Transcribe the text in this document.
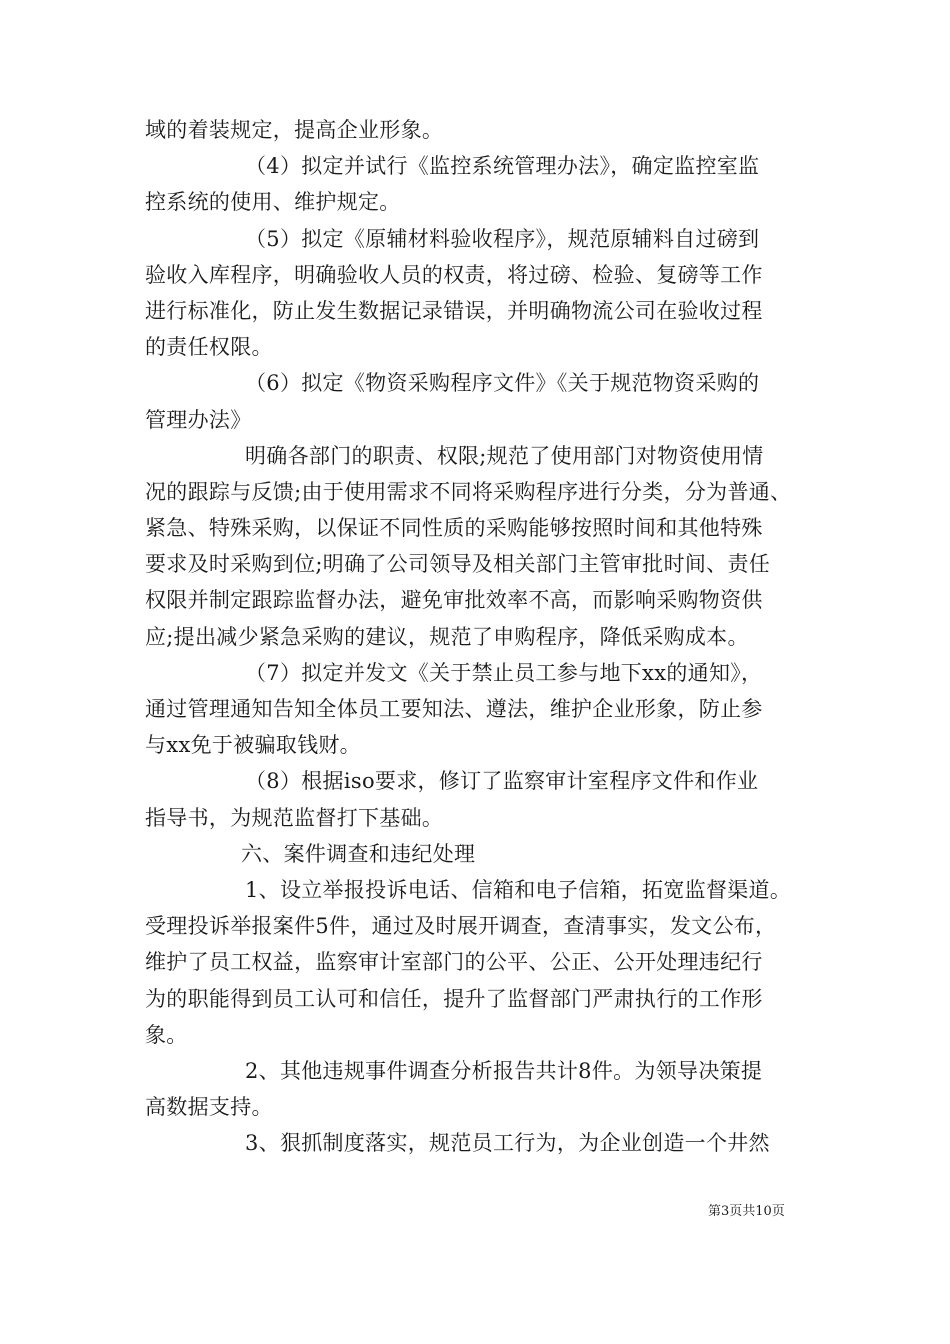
域的着装规定，提高企业形象。
（4）拟定并试行《监控系统管理办法》，确定监控室监
控系统的使用、维护规定。
（5）拟定《原辅材料验收程序》，规范原辅料自过磅到
验收入库程序，明确验收人员的权责，将过磅、检验、复磅等工作
进行标准化，防止发生数据记录错误，并明确物流公司在验收过程
的责任权限。
（6）拟定《物资采购程序文件》《关于规范物资采购的
管理办法》
明确各部门的职责、权限;规范了使用部门对物资使用情
况的跟踪与反馈;由于使用需求不同将采购程序进行分类，分为普通、
紧急、特殊采购，以保证不同性质的采购能够按照时间和其他特殊
要求及时采购到位;明确了公司领导及相关部门主管审批时间、责任
权限并制定跟踪监督办法，避免审批效率不高，而影响采购物资供
应;提出减少紧急采购的建议，规范了申购程序，降低采购成本。
（7）拟定并发文《关于禁止员工参与地下xx的通知》，
通过管理通知告知全体员工要知法、遵法，维护企业形象，防止参
与xx免于被骗取钱财。
（8）根据iso要求，修订了监察审计室程序文件和作业
指导书，为规范监督打下基础。
六、案件调查和违纪处理
1、设立举报投诉电话、信箱和电子信箱，拓宽监督渠道。
受理投诉举报案件5件，通过及时展开调查，查清事实，发文公布，
维护了员工权益，监察审计室部门的公平、公正、公开处理违纪行
为的职能得到员工认可和信任，提升了监督部门严肃执行的工作形
象。
2、其他违规事件调查分析报告共计8件。为领导决策提
高数据支持。
3、狠抓制度落实，规范员工行为，为企业创造一个井然
第3页共10页
